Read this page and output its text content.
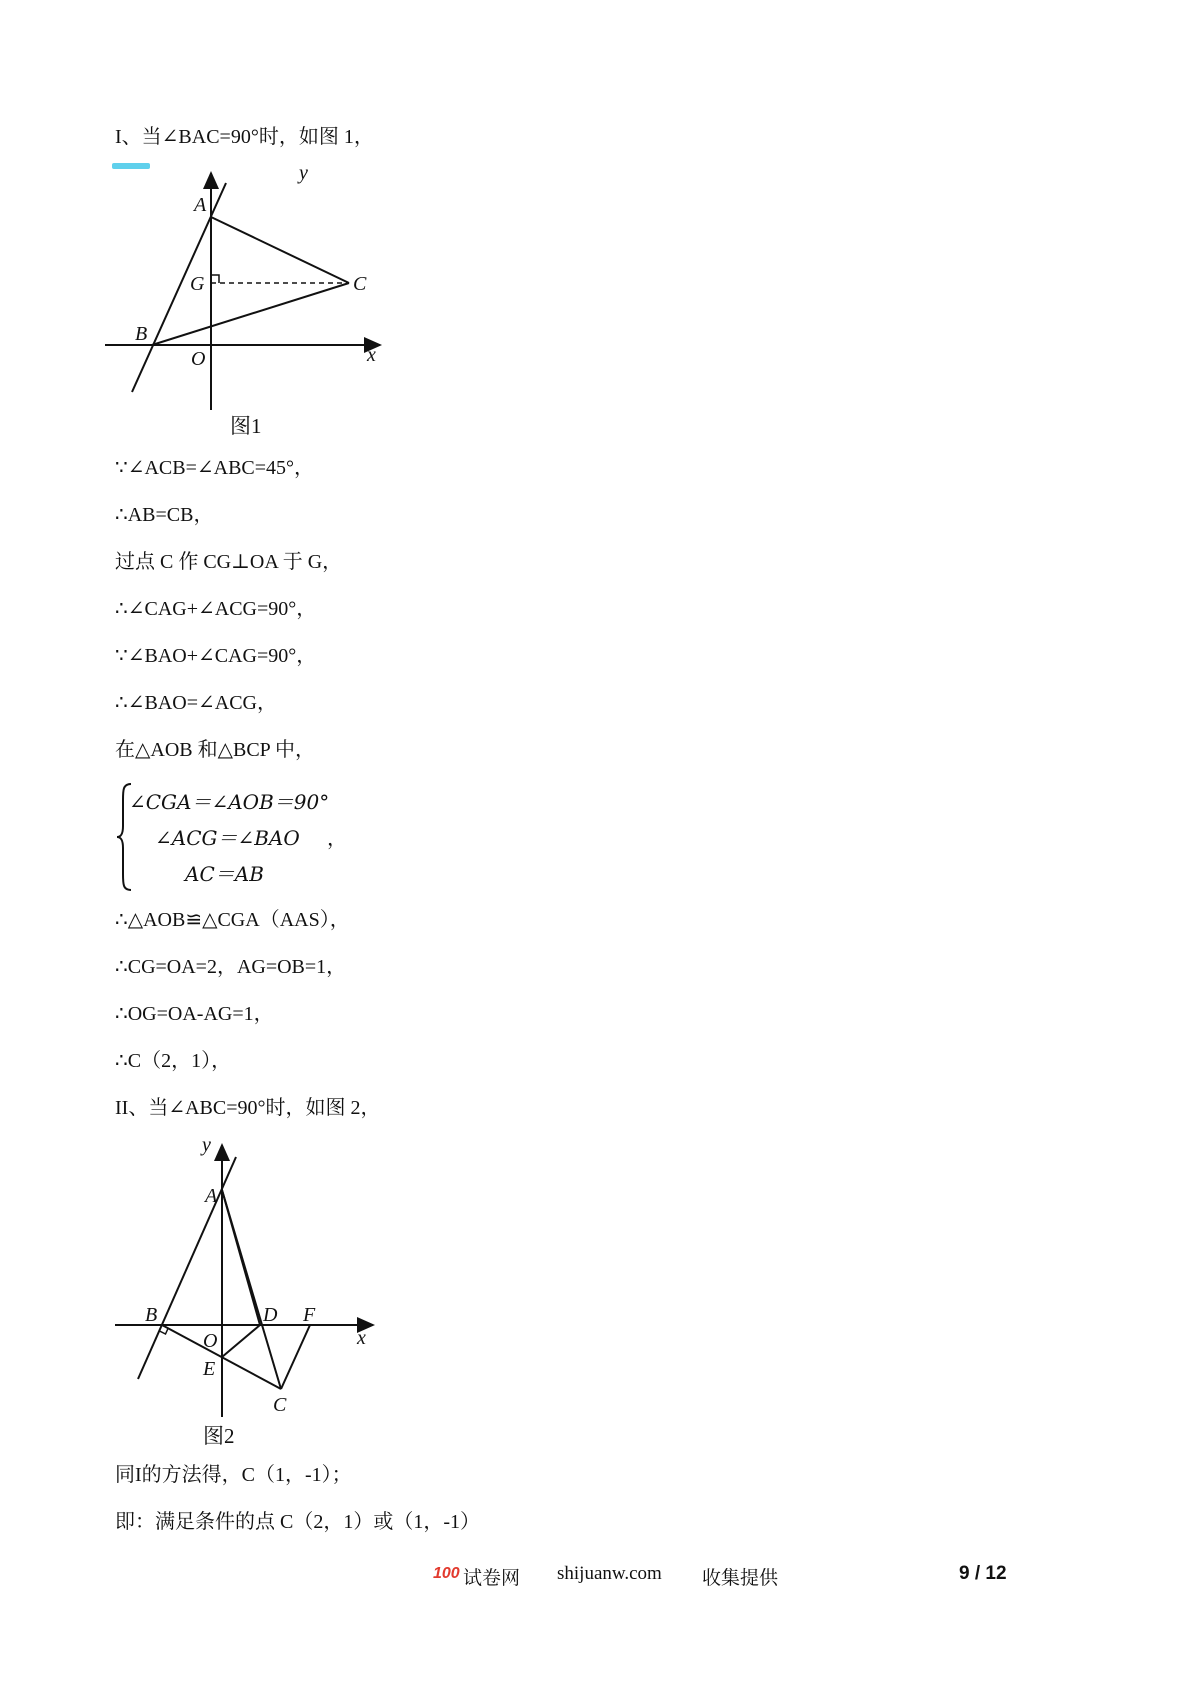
I、当∠BAC=90°时，如图 1，
y
A
G	C
B
O	x
图1
∵∠ACB=∠ABC=45°，
∴AB=CB，
过点 C 作 CG⊥OA 于 G，
∴∠CAG+∠ACG=90°，
∵∠BAO+∠CAG=90°，
∴∠BAO=∠ACG，
在△AOB 和△BCP 中，
∠CGA＝∠AOB＝90°
∠ACG＝∠BAO
AC＝AB
，
∴△AOB≌△CGA（AAS），
∴CG=OA=2，AG=OB=1，
∴OG=OA-AG=1，
∴C（2，1），
II、当∠ABC=90°时，如图 2，
y
A
B	D F
x
O
E
C
图2
同I的方法得，C（1，-1）；
即：满足条件的点 C（2，1）或（1，-1）
100 试卷网 shijuanw.com 收集提供	9 / 12
